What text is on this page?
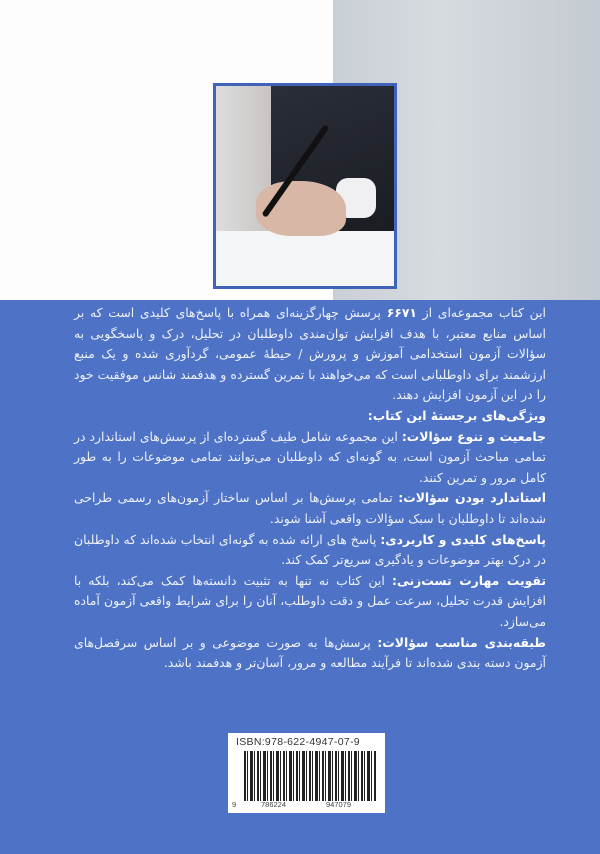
این کتاب مجموعه‌ای از ۶۶۷۱ پرسش چهارگزینه‌ای همراه با پاسخ‌های کلیدی است که بر اساس منابع معتبر، با هدف افزایش توان‌مندی داوطلبان در تحلیل، درک و پاسخگویی به سؤالات آزمون استخدامی آموزش و پرورش / حیطهٔ عمومی، گردآوری شده و یک منبع ارزشمند برای داوطلبانی است که می‌خواهند با تمرین گسترده و هدفمند شانس موفقیت خود را در این آزمون افزایش دهند.

ویژگی‌های برجستهٔ این کتاب:

جامعیت و تنوع سؤالات: این مجموعه شامل طیف گسترده‌ای از پرسش‌های استاندارد در تمامی مباحث آزمون است، به گونه‌ای که داوطلبان می‌توانند تمامی موضوعات را به طور کامل مرور و تمرین کنند.

استاندارد بودن سؤالات: تمامی پرسش‌ها بر اساس ساختار آزمون‌های رسمی طراحی شده‌اند تا داوطلبان با سبک سؤالات واقعی آشنا شوند.

پاسخ‌های کلیدی و کاربردی: پاسخ های ارائه شده به گونه‌ای انتخاب شده‌اند که داوطلبان در درک بهتر موضوعات و یادگیری سریع‌تر کمک کند.

تقویت مهارت تست‌زنی: این کتاب نه تنها به تثبیت دانسته‌ها کمک می‌کند، بلکه با افزایش قدرت تحلیل، سرعت عمل و دقت داوطلب، آنان را برای شرایط واقعی آزمون آماده می‌سازد.

طبقه‌بندی مناسب سؤالات: پرسش‌ها به صورت موضوعی و بر اساس سرفصل‌های آزمون دسته بندی شده‌اند تا فرآیند مطالعه و مرور، آسان‌تر و هدفمند باشد.

ISBN:978-622-4947-07-9
9	786224	947079
